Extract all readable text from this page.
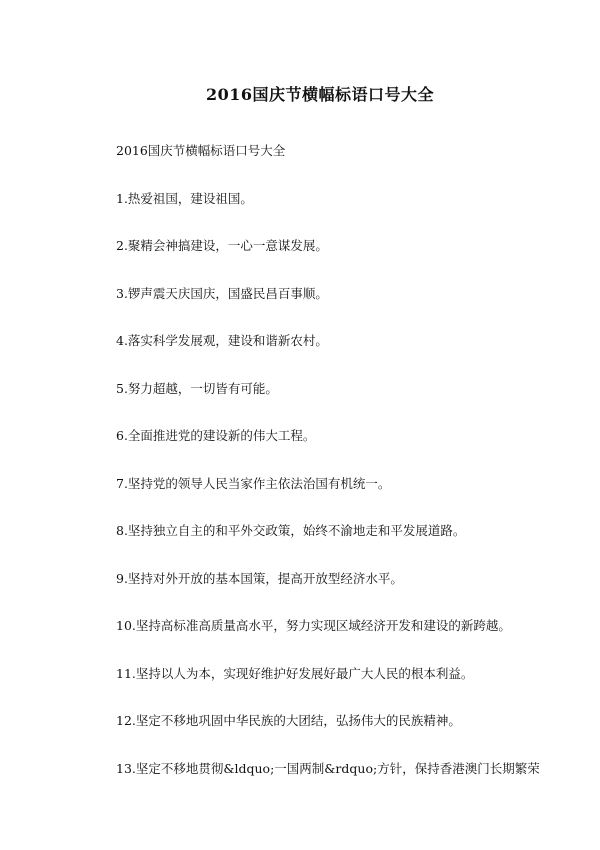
2016国庆节横幅标语口号大全

2016国庆节横幅标语口号大全

1.热爱祖国，建设祖国。

2.聚精会神搞建设，一心一意谋发展。

3.锣声震天庆国庆，国盛民昌百事顺。

4.落实科学发展观，建设和谐新农村。

5.努力超越，一切皆有可能。

6.全面推进党的建设新的伟大工程。

7.坚持党的领导人民当家作主依法治国有机统一。

8.坚持独立自主的和平外交政策，始终不渝地走和平发展道路。

9.坚持对外开放的基本国策，提高开放型经济水平。

10.坚持高标准高质量高水平，努力实现区域经济开发和建设的新跨越。

11.坚持以人为本，实现好维护好发展好最广大人民的根本利益。

12.坚定不移地巩固中华民族的大团结，弘扬伟大的民族精神。

13.坚定不移地贯彻&ldquo;一国两制&rdquo;方针，保持香港澳门长期繁荣
